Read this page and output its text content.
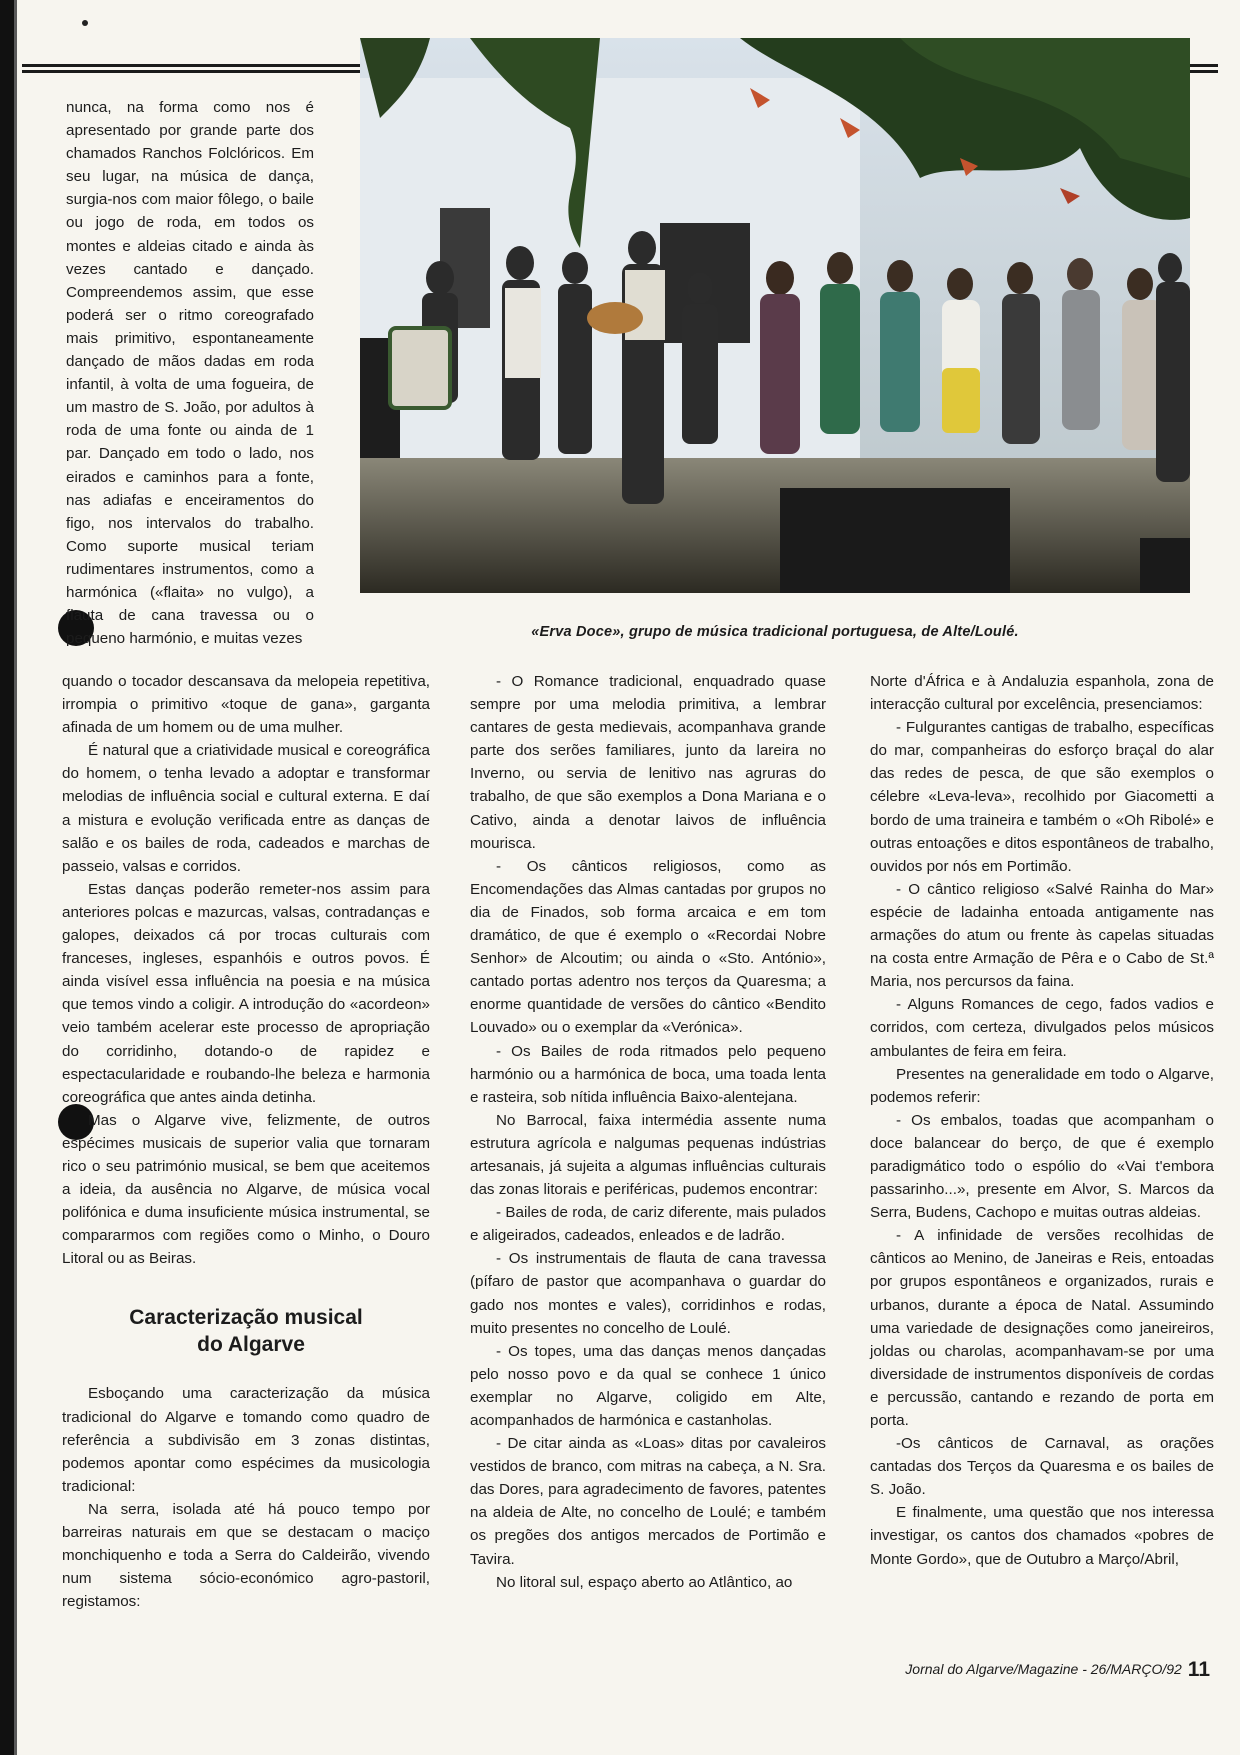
«Erva Doce», grupo de música tradicional portuguesa, de Alte/Loulé.

nunca, na forma como nos é apresentado por grande parte dos chamados Ranchos Folclóricos. Em seu lugar, na música de dança, surgia-nos com maior fôlego, o baile ou jogo de roda, em todos os montes e aldeias citado e ainda às vezes cantado e dançado. Compreendemos assim, que esse poderá ser o ritmo coreografado mais primitivo, espontaneamente dançado de mãos dadas em roda infantil, à volta de uma fogueira, de um mastro de S. João, por adultos à roda de uma fonte ou ainda de 1 par. Dançado em todo o lado, nos eirados e caminhos para a fonte, nas adiafas e enceiramentos do figo, nos intervalos do trabalho. Como suporte musical teriam rudimentares instrumentos, como a harmónica («flaita» no vulgo), a flauta de cana travessa ou o pequeno harmónio, e muitas vezes

quando o tocador descansava da melopeia repetitiva, irrompia o primitivo «toque de gana», garganta afinada de um homem ou de uma mulher.

É natural que a criatividade musical e coreográfica do homem, o tenha levado a adoptar e transformar melodias de influência social e cultural externa. E daí a mistura e evolução verificada entre as danças de salão e os bailes de roda, cadeados e marchas de passeio, valsas e corridos.

Estas danças poderão remeter-nos assim para anteriores polcas e mazurcas, valsas, contradanças e galopes, deixados cá por trocas culturais com franceses, ingleses, espanhóis e outros povos. É ainda visível essa influência na poesia e na música que temos vindo a coligir. A introdução do «acordeon» veio também acelerar este processo de apropriação do corridinho, dotando-o de rapidez e espectacularidade e roubando-lhe beleza e harmonia coreográfica que antes ainda detinha.

Mas o Algarve vive, felizmente, de outros espécimes musicais de superior valia que tornaram rico o seu património musical, se bem que aceitemos a ideia, da ausência no Algarve, de música vocal polifónica e duma insuficiente música instrumental, se compararmos com regiões como o Minho, o Douro Litoral ou as Beiras.

Caracterização musical
do Algarve

Esboçando uma caracterização da música tradicional do Algarve e tomando como quadro de referência a subdivisão em 3 zonas distintas, podemos apontar como espécimes da musicologia tradicional:

Na serra, isolada até há pouco tempo por barreiras naturais em que se destacam o maciço monchiquenho e toda a Serra do Caldeirão, vivendo num sistema sócio-económico agro-pastoril, registamos:

- O Romance tradicional, enquadrado quase sempre por uma melodia primitiva, a lembrar cantares de gesta medievais, acompanhava grande parte dos serões familiares, junto da lareira no Inverno, ou servia de lenitivo nas agruras do trabalho, de que são exemplos a Dona Mariana e o Cativo, ainda a denotar laivos de influência mourisca.

- Os cânticos religiosos, como as Encomendações das Almas cantadas por grupos no dia de Finados, sob forma arcaica e em tom dramático, de que é exemplo o «Recordai Nobre Senhor» de Alcoutim; ou ainda o «Sto. António», cantado portas adentro nos terços da Quaresma; a enorme quantidade de versões do cântico «Bendito Louvado» ou o exemplar da «Verónica».

- Os Bailes de roda ritmados pelo pequeno harmónio ou a harmónica de boca, uma toada lenta e rasteira, sob nítida influência Baixo-alentejana.

No Barrocal, faixa intermédia assente numa estrutura agrícola e nalgumas pequenas indústrias artesanais, já sujeita a algumas influências culturais das zonas litorais e periféricas, pudemos encontrar:

- Bailes de roda, de cariz diferente, mais pulados e aligeirados, cadeados, enleados e de ladrão.

- Os instrumentais de flauta de cana travessa (pífaro de pastor que acompanhava o guardar do gado nos montes e vales), corridinhos e rodas, muito presentes no concelho de Loulé.

- Os topes, uma das danças menos dançadas pelo nosso povo e da qual se conhece 1 único exemplar no Algarve, coligido em Alte, acompanhados de harmónica e castanholas.

- De citar ainda as «Loas» ditas por cavaleiros vestidos de branco, com mitras na cabeça, a N. Sra. das Dores, para agradecimento de favores, patentes na aldeia de Alte, no concelho de Loulé; e também os pregões dos antigos mercados de Portimão e Tavira.

No litoral sul, espaço aberto ao Atlântico, ao

Norte d'África e à Andaluzia espanhola, zona de interacção cultural por excelência, presenciamos:

- Fulgurantes cantigas de trabalho, específicas do mar, companheiras do esforço braçal do alar das redes de pesca, de que são exemplos o célebre «Leva-leva», recolhido por Giacometti a bordo de uma traineira e também o «Oh Ribolé» e outras entoações e ditos espontâneos de trabalho, ouvidos por nós em Portimão.

- O cântico religioso «Salvé Rainha do Mar» espécie de ladainha entoada antigamente nas armações do atum ou frente às capelas situadas na costa entre Armação de Pêra e o Cabo de St.ª Maria, nos percursos da faina.

- Alguns Romances de cego, fados vadios e corridos, com certeza, divulgados pelos músicos ambulantes de feira em feira.

Presentes na generalidade em todo o Algarve, podemos referir:

- Os embalos, toadas que acompanham o doce balancear do berço, de que é exemplo paradigmático todo o espólio do «Vai t'embora passarinho...», presente em Alvor, S. Marcos da Serra, Budens, Cachopo e muitas outras aldeias.

- A infinidade de versões recolhidas de cânticos ao Menino, de Janeiras e Reis, entoadas por grupos espontâneos e organizados, rurais e urbanos, durante a época de Natal. Assumindo uma variedade de designações como janeireiros, joldas ou charolas, acompanhavam-se por uma diversidade de instrumentos disponíveis de cordas e percussão, cantando e rezando de porta em porta.

-Os cânticos de Carnaval, as orações cantadas dos Terços da Quaresma e os bailes de S. João.

E finalmente, uma questão que nos interessa investigar, os cantos dos chamados «pobres de Monte Gordo», que de Outubro a Março/Abril,

Jornal do Algarve/Magazine - 26/MARÇO/92 11
